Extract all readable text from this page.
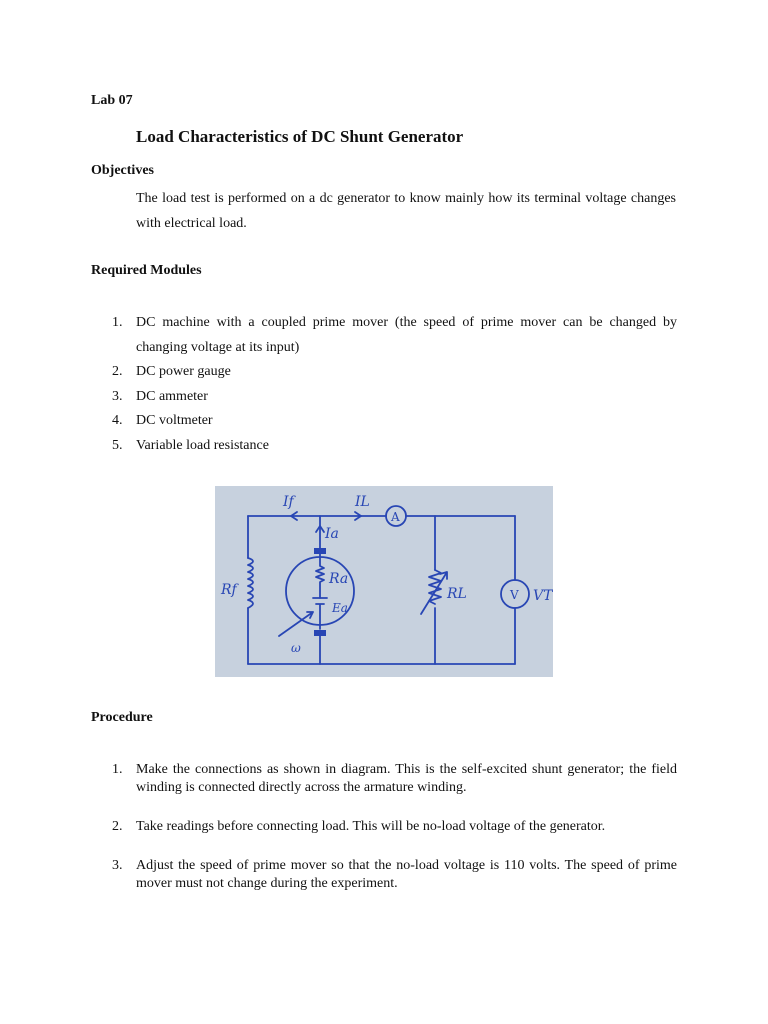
Lab 07
Load Characteristics of DC Shunt Generator
Objectives
The load test is performed on a dc generator to know mainly how its terminal voltage changes with electrical load.
Required Modules
1. DC machine with a coupled prime mover (the speed of prime mover can be changed by changing voltage at its input)
2. DC power gauge
3. DC ammeter
4. DC voltmeter
5. Variable load resistance
If	IL
A
Ia
Rf
Ra
Ea
ω
RL	V VT
Procedure
1. Make the connections as shown in diagram. This is the self-excited shunt generator; the field winding is connected directly across the armature winding.
2. Take readings before connecting load. This will be no-load voltage of the generator.
3. Adjust the speed of prime mover so that the no-load voltage is 110 volts. The speed of prime mover must not change during the experiment.
